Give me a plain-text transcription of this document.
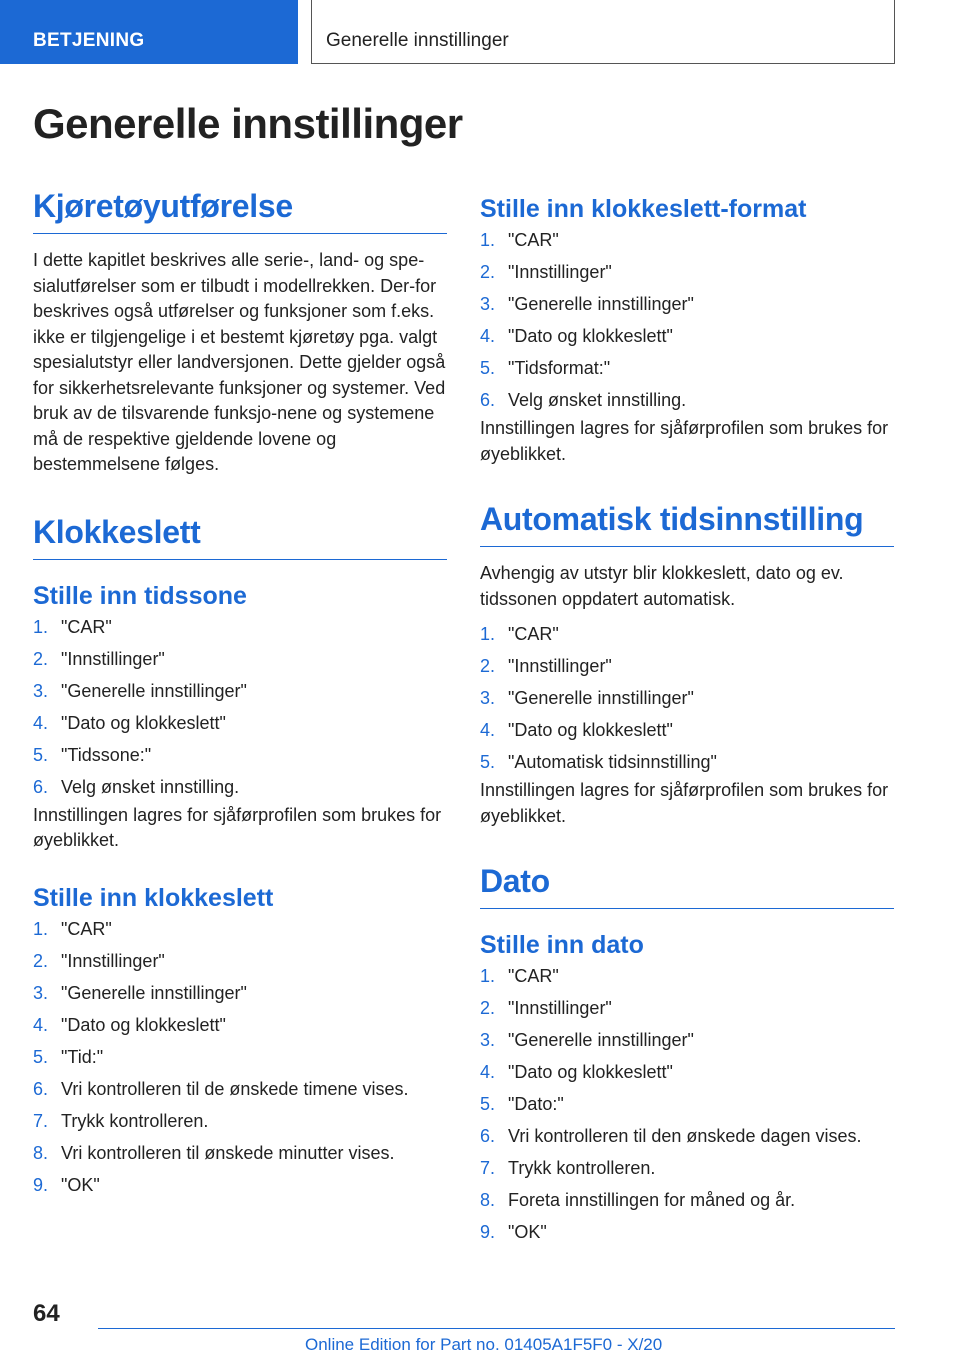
BETJENING	Generelle innstillinger
Generelle innstillinger
Kjøretøyutførelse

I dette kapitlet beskrives alle serie-, land- og spe-sialutførelser som er tilbudt i modellrekken. Der-for beskrives også utførelser og funksjoner som f.eks. ikke er tilgjengelige i et bestemt kjøretøy pga. valgt spesialutstyr eller landversjonen. Dette gjelder også for sikkerhetsrelevante funksjoner og systemer. Ved bruk av de tilsvarende funksjo-nene og systemene må de respektive gjeldende lovene og bestemmelsene følges.

Klokkeslett
Stille inn tidssone
1. "CAR"
2. "Innstillinger"
3. "Generelle innstillinger"
4. "Dato og klokkeslett"
5. "Tidssone:"
6. Velg ønsket innstilling.

Innstillingen lagres for sjåførprofilen som brukes for øyeblikket.

Stille inn klokkeslett
1. "CAR"
2. "Innstillinger"
3. "Generelle innstillinger"
4. "Dato og klokkeslett"
5. "Tid:"
6. Vri kontrolleren til de ønskede timene vises.
7. Trykk kontrolleren.
8. Vri kontrolleren til ønskede minutter vises.
9. "OK"
Stille inn klokkeslett-format
1. "CAR"
2. "Innstillinger"
3. "Generelle innstillinger"
4. "Dato og klokkeslett"
5. "Tidsformat:"
6. Velg ønsket innstilling.

Innstillingen lagres for sjåførprofilen som brukes for øyeblikket.

Automatisk tidsinnstilling

Avhengig av utstyr blir klokkeslett, dato og ev. tidssonen oppdatert automatisk.

1. "CAR"
2. "Innstillinger"
3. "Generelle innstillinger"
4. "Dato og klokkeslett"
5. "Automatisk tidsinnstilling"

Innstillingen lagres for sjåførprofilen som brukes for øyeblikket.

Dato
Stille inn dato
1. "CAR"
2. "Innstillinger"
3. "Generelle innstillinger"
4. "Dato og klokkeslett"
5. "Dato:"
6. Vri kontrolleren til den ønskede dagen vises.
7. Trykk kontrolleren.
8. Foreta innstillingen for måned og år.
9. "OK"
64
Online Edition for Part no. 01405A1F5F0 - X/20
